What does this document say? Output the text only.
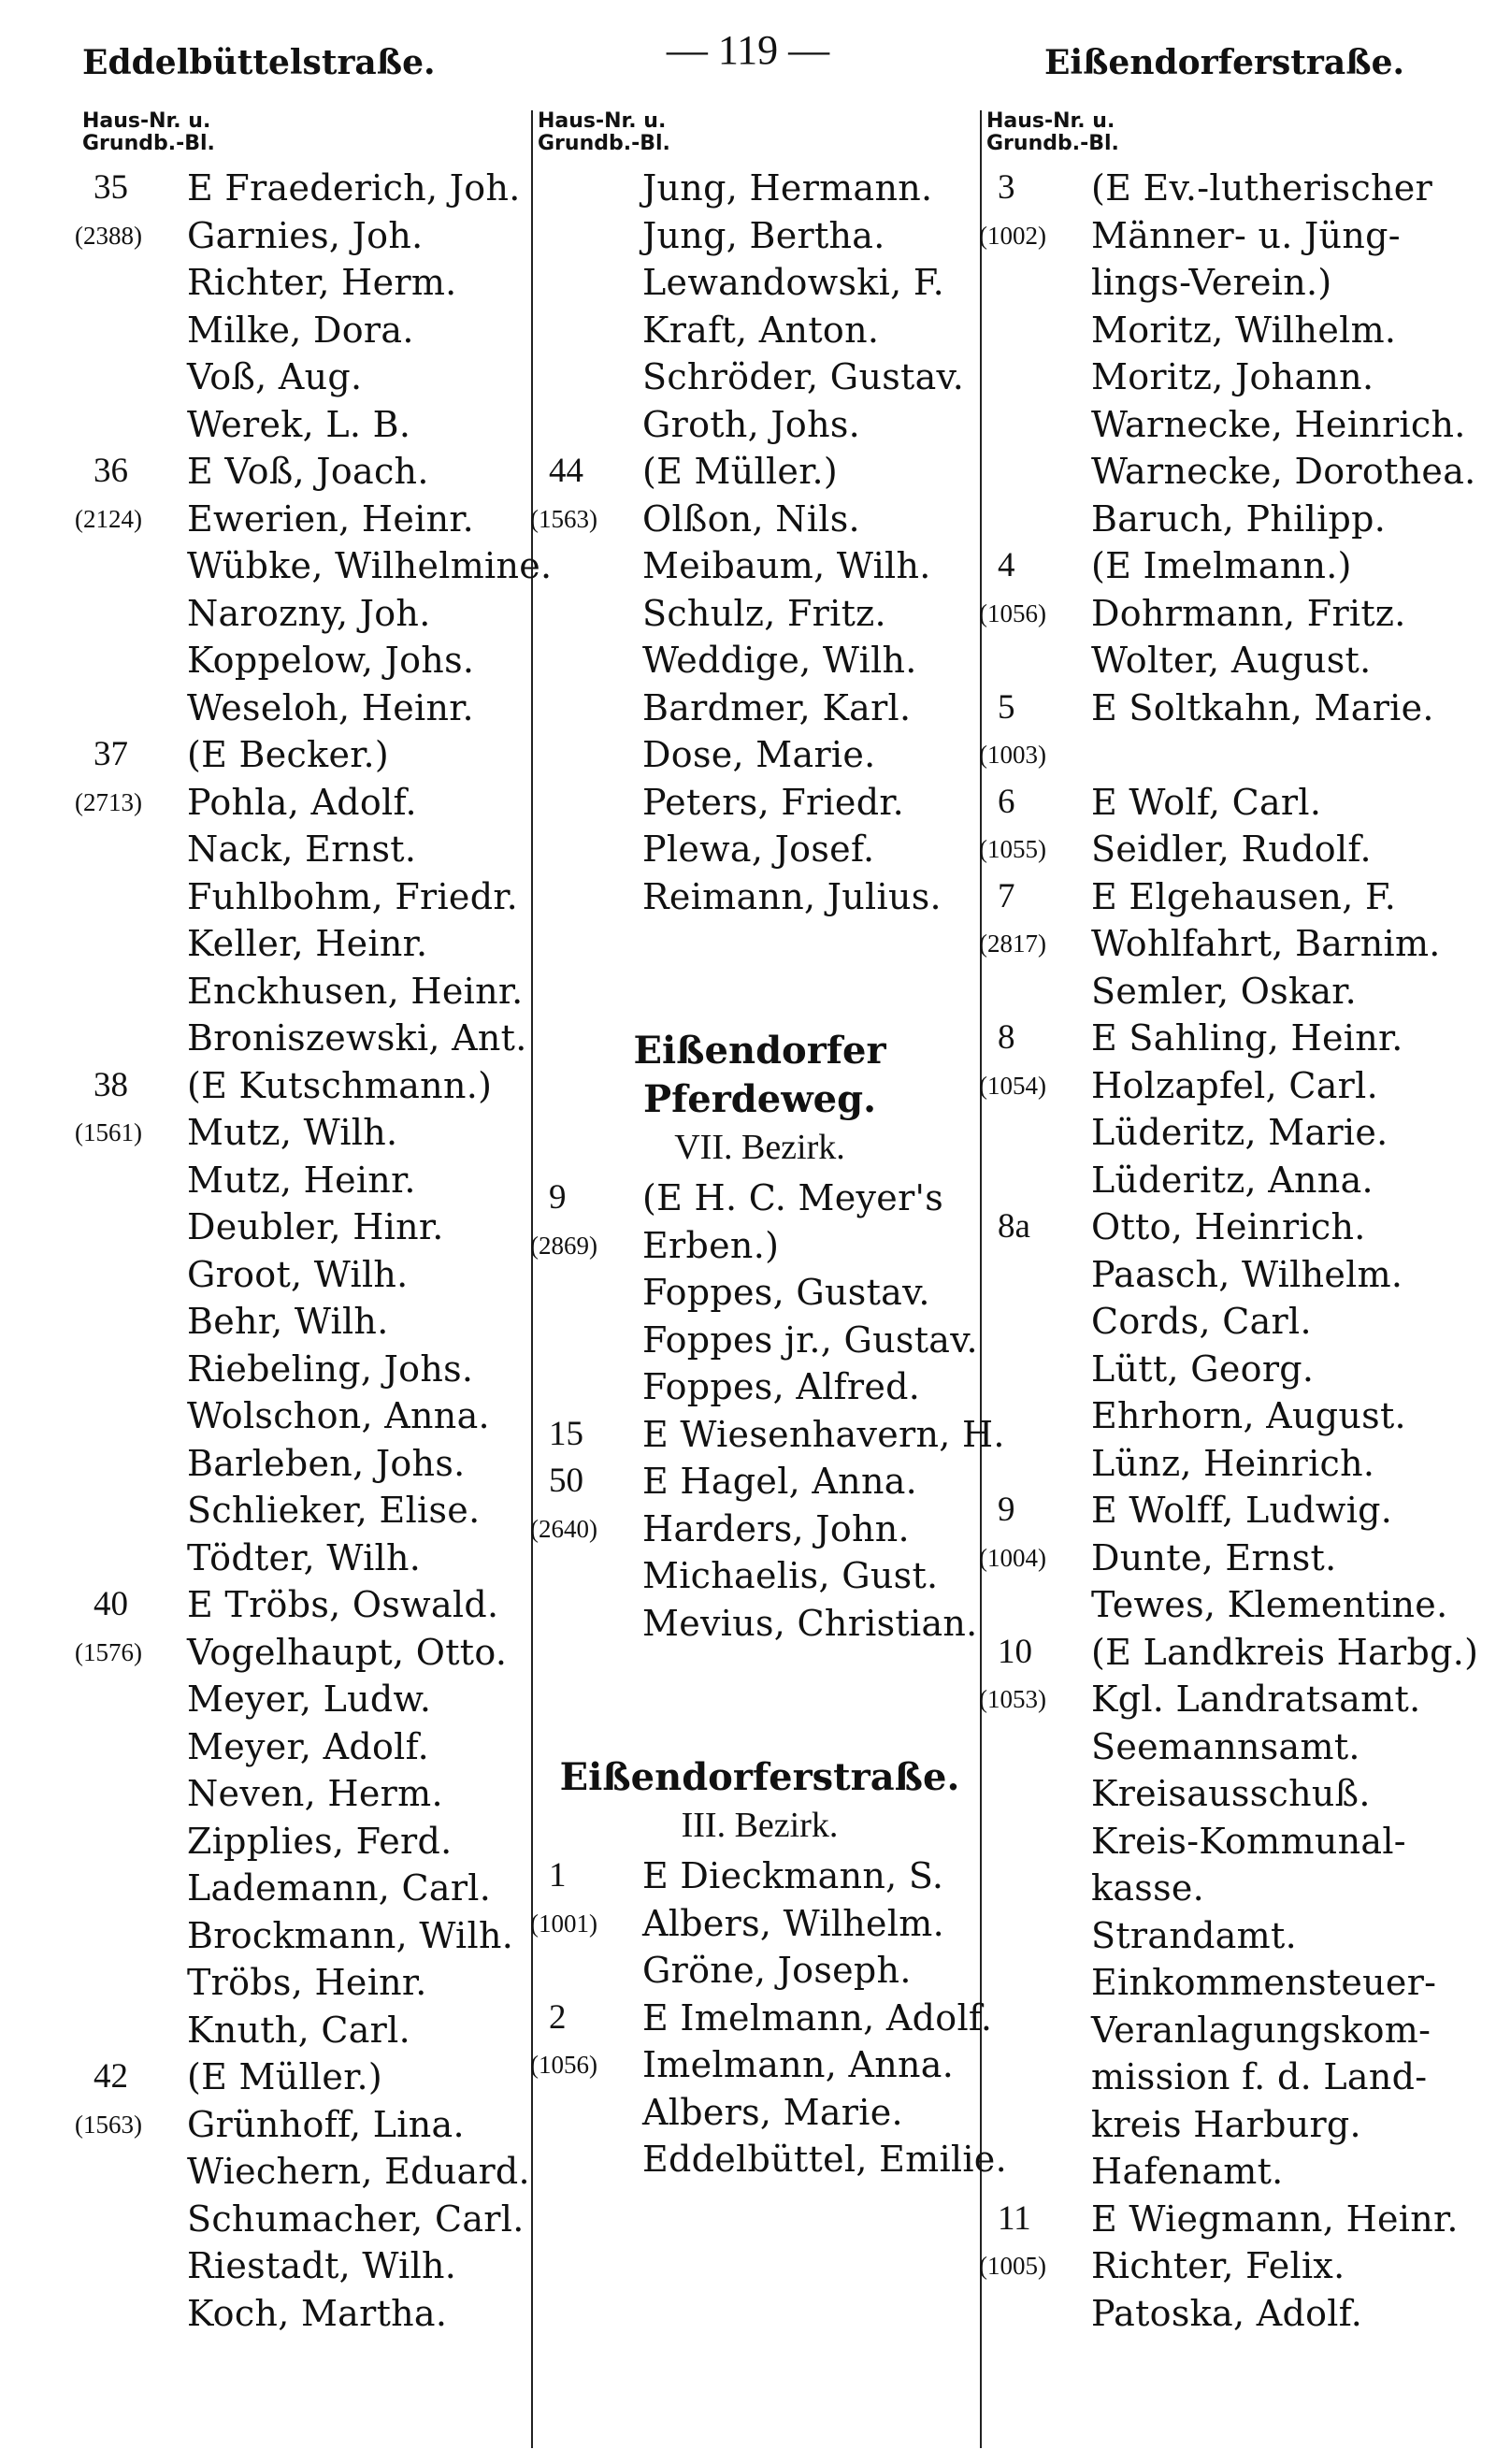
Eddelbüttelstraße.	— 119 —	Eißendorferstraße.
Haus-Nr. u.
Grundb.-Bl.
35 E Fraederich, Joh.
(2388) Garnies, Joh.
Richter, Herm.
Milke, Dora.
Voß, Aug.
Werek, L. B.
36 E Voß, Joach.
(2124) Ewerien, Heinr.
Wübke, Wilhelmine.
Narozny, Joh.
Koppelow, Johs.
Weseloh, Heinr.
37 (E Becker.)
(2713) Pohla, Adolf.
Nack, Ernst.
Fuhlbohm, Friedr.
Keller, Heinr.
Enckhusen, Heinr.
Broniszewski, Ant.
38 (E Kutschmann.)
(1561) Mutz, Wilh.
Mutz, Heinr.
Deubler, Hinr.
Groot, Wilh.
Behr, Wilh.
Riebeling, Johs.
Wolschon, Anna.
Barleben, Johs.
Schlieker, Elise.
Tödter, Wilh.
40 E Tröbs, Oswald.
(1576) Vogelhaupt, Otto.
Meyer, Ludw.
Meyer, Adolf.
Neven, Herm.
Zipplies, Ferd.
Lademann, Carl.
Brockmann, Wilh.
Tröbs, Heinr.
Knuth, Carl.
42 (E Müller.)
(1563) Grünhoff, Lina.
Wiechern, Eduard.
Schumacher, Carl.
Riestadt, Wilh.
Koch, Martha.
Haus-Nr. u.
Grundb.-Bl.
Jung, Hermann.
Jung, Bertha.
Lewandowski, F.
Kraft, Anton.
Schröder, Gustav.
Groth, Johs.
44 (E Müller.)
(1563) Olßon, Nils.
Meibaum, Wilh.
Schulz, Fritz.
Weddige, Wilh.
Bardmer, Karl.
Dose, Marie.
Peters, Friedr.
Plewa, Josef.
Reimann, Julius.
Eißendorfer Pferdeweg.
VII. Bezirk.
9 (E H. C. Meyer's
(2869) Erben.)
Foppes, Gustav.
Foppes jr., Gustav.
Foppes, Alfred.
15 E Wiesenhavern, H.
50 E Hagel, Anna.
(2640) Harders, John.
Michaelis, Gust.
Mevius, Christian.
Eißendorferstraße.
III. Bezirk.
1 E Dieckmann, S.
(1001) Albers, Wilhelm.
Gröne, Joseph.
2 E Imelmann, Adolf.
(1056) Imelmann, Anna.
Albers, Marie.
Eddelbüttel, Emilie.
Haus-Nr. u.
Grundb.-Bl.
3 (E Ev.-lutherischer
(1002) Männer- u. Jüng-
lings-Verein.)
Moritz, Wilhelm.
Moritz, Johann.
Warnecke, Heinrich.
Warnecke, Dorothea.
Baruch, Philipp.
4 (E Imelmann.)
(1056) Dohrmann, Fritz.
Wolter, August.
5 E Soltkahn, Marie.
(1003)
6 E Wolf, Carl.
(1055) Seidler, Rudolf.
7 E Elgehausen, F.
(2817) Wohlfahrt, Barnim.
Semler, Oskar.
8 E Sahling, Heinr.
(1054) Holzapfel, Carl.
Lüderitz, Marie.
Lüderitz, Anna.
8a Otto, Heinrich.
Paasch, Wilhelm.
Cords, Carl.
Lütt, Georg.
Ehrhorn, August.
Lünz, Heinrich.
9 E Wolff, Ludwig.
(1004) Dunte, Ernst.
Tewes, Klementine.
10 (E Landkreis Harbg.)
(1053) Kgl. Landratsamt.
Seemannsamt.
Kreisausschuß.
Kreis-Kommunal-
kasse.
Strandamt.
Einkommensteuer-
Veranlagungskom-
mission f. d. Land-
kreis Harburg.
Hafenamt.
11 E Wiegmann, Heinr.
(1005) Richter, Felix.
Patoska, Adolf.
